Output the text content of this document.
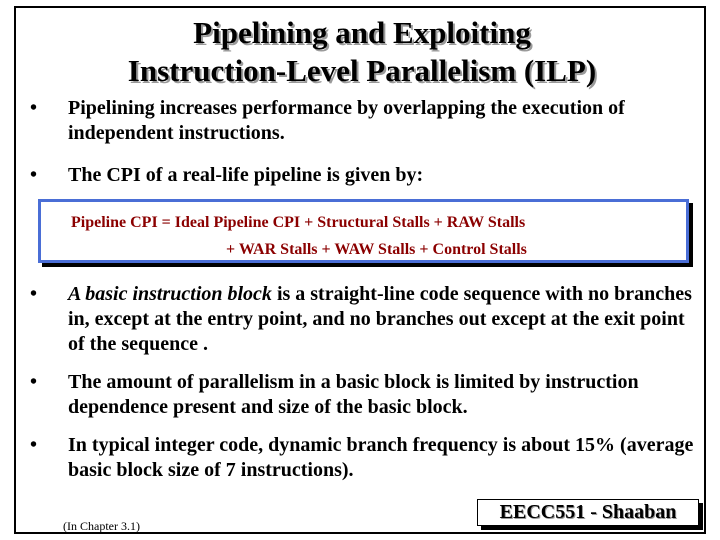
Pipelining and Exploiting
Instruction-Level Parallelism (ILP)
• Pipelining increases performance by overlapping the execution of independent instructions.
• The CPI of a real-life pipeline is given by:
Pipeline CPI = Ideal Pipeline CPI + Structural Stalls + RAW Stalls
+ WAR Stalls + WAW Stalls + Control Stalls
• A basic instruction block is a straight-line code sequence with no branches in, except at the entry point, and no branches out except at the exit point of the sequence .
• The amount of parallelism in a basic block is limited by instruction dependence present and size of the basic block.
• In typical integer code, dynamic branch frequency is about 15% (average basic block size of 7 instructions).
(In Chapter 3.1)
EECC551 - Shaaban
